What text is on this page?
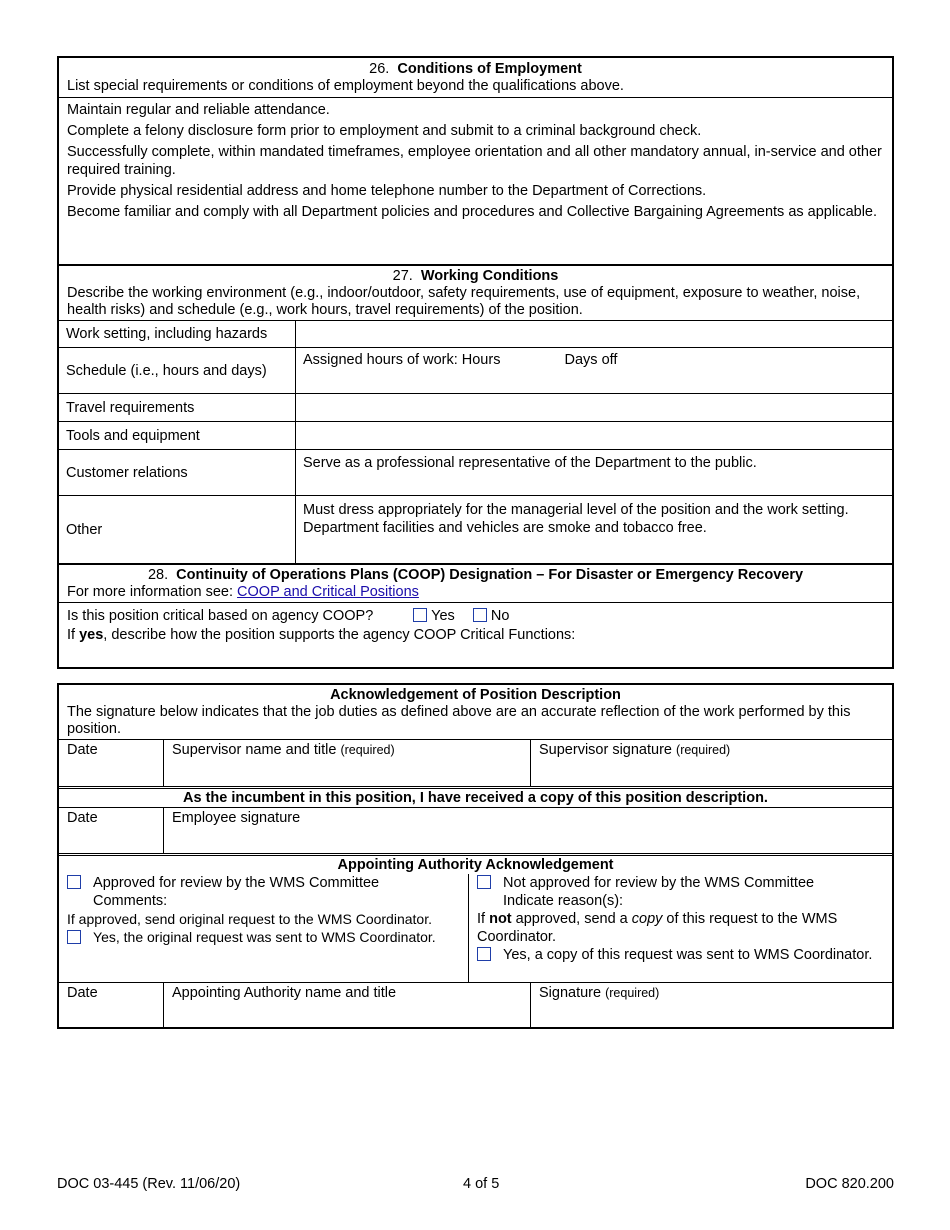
26. Conditions of Employment
List special requirements or conditions of employment beyond the qualifications above.
Maintain regular and reliable attendance.
Complete a felony disclosure form prior to employment and submit to a criminal background check.
Successfully complete, within mandated timeframes, employee orientation and all other mandatory annual, in-service and other required training.
Provide physical residential address and home telephone number to the Department of Corrections.
Become familiar and comply with all Department policies and procedures and Collective Bargaining Agreements as applicable.
27. Working Conditions
Describe the working environment (e.g., indoor/outdoor, safety requirements, use of equipment, exposure to weather, noise, health risks) and schedule (e.g., work hours, travel requirements) of the position.
Work setting, including hazards	
Schedule (i.e., hours and days)	Assigned hours of work: Hours Days off
Travel requirements	
Tools and equipment	
Customer relations	Serve as a professional representative of the Department to the public.
Other	Must dress appropriately for the managerial level of the position and the work setting.
Department facilities and vehicles are smoke and tobacco free.
28. Continuity of Operations Plans (COOP) Designation – For Disaster or Emergency Recovery
For more information see: COOP and Critical Positions
Is this position critical based on agency COOP?	Yes No
If yes, describe how the position supports the agency COOP Critical Functions:
Acknowledgement of Position Description
The signature below indicates that the job duties as defined above are an accurate reflection of the work performed by this position.
Date	Supervisor name and title (required)	Supervisor signature (required)
As the incumbent in this position, I have received a copy of this position description.
Date	Employee signature
Appointing Authority Acknowledgement
Approved for review by the WMS Committee
Comments:
If approved, send original request to the WMS Coordinator.
Yes, the original request was sent to WMS Coordinator.
Not approved for review by the WMS Committee
Indicate reason(s):
If not approved, send a copy of this request to the WMS Coordinator.
Yes, a copy of this request was sent to WMS Coordinator.
Date	Appointing Authority name and title	Signature (required)
DOC 03-445 (Rev. 11/06/20)	4 of 5	DOC 820.200
